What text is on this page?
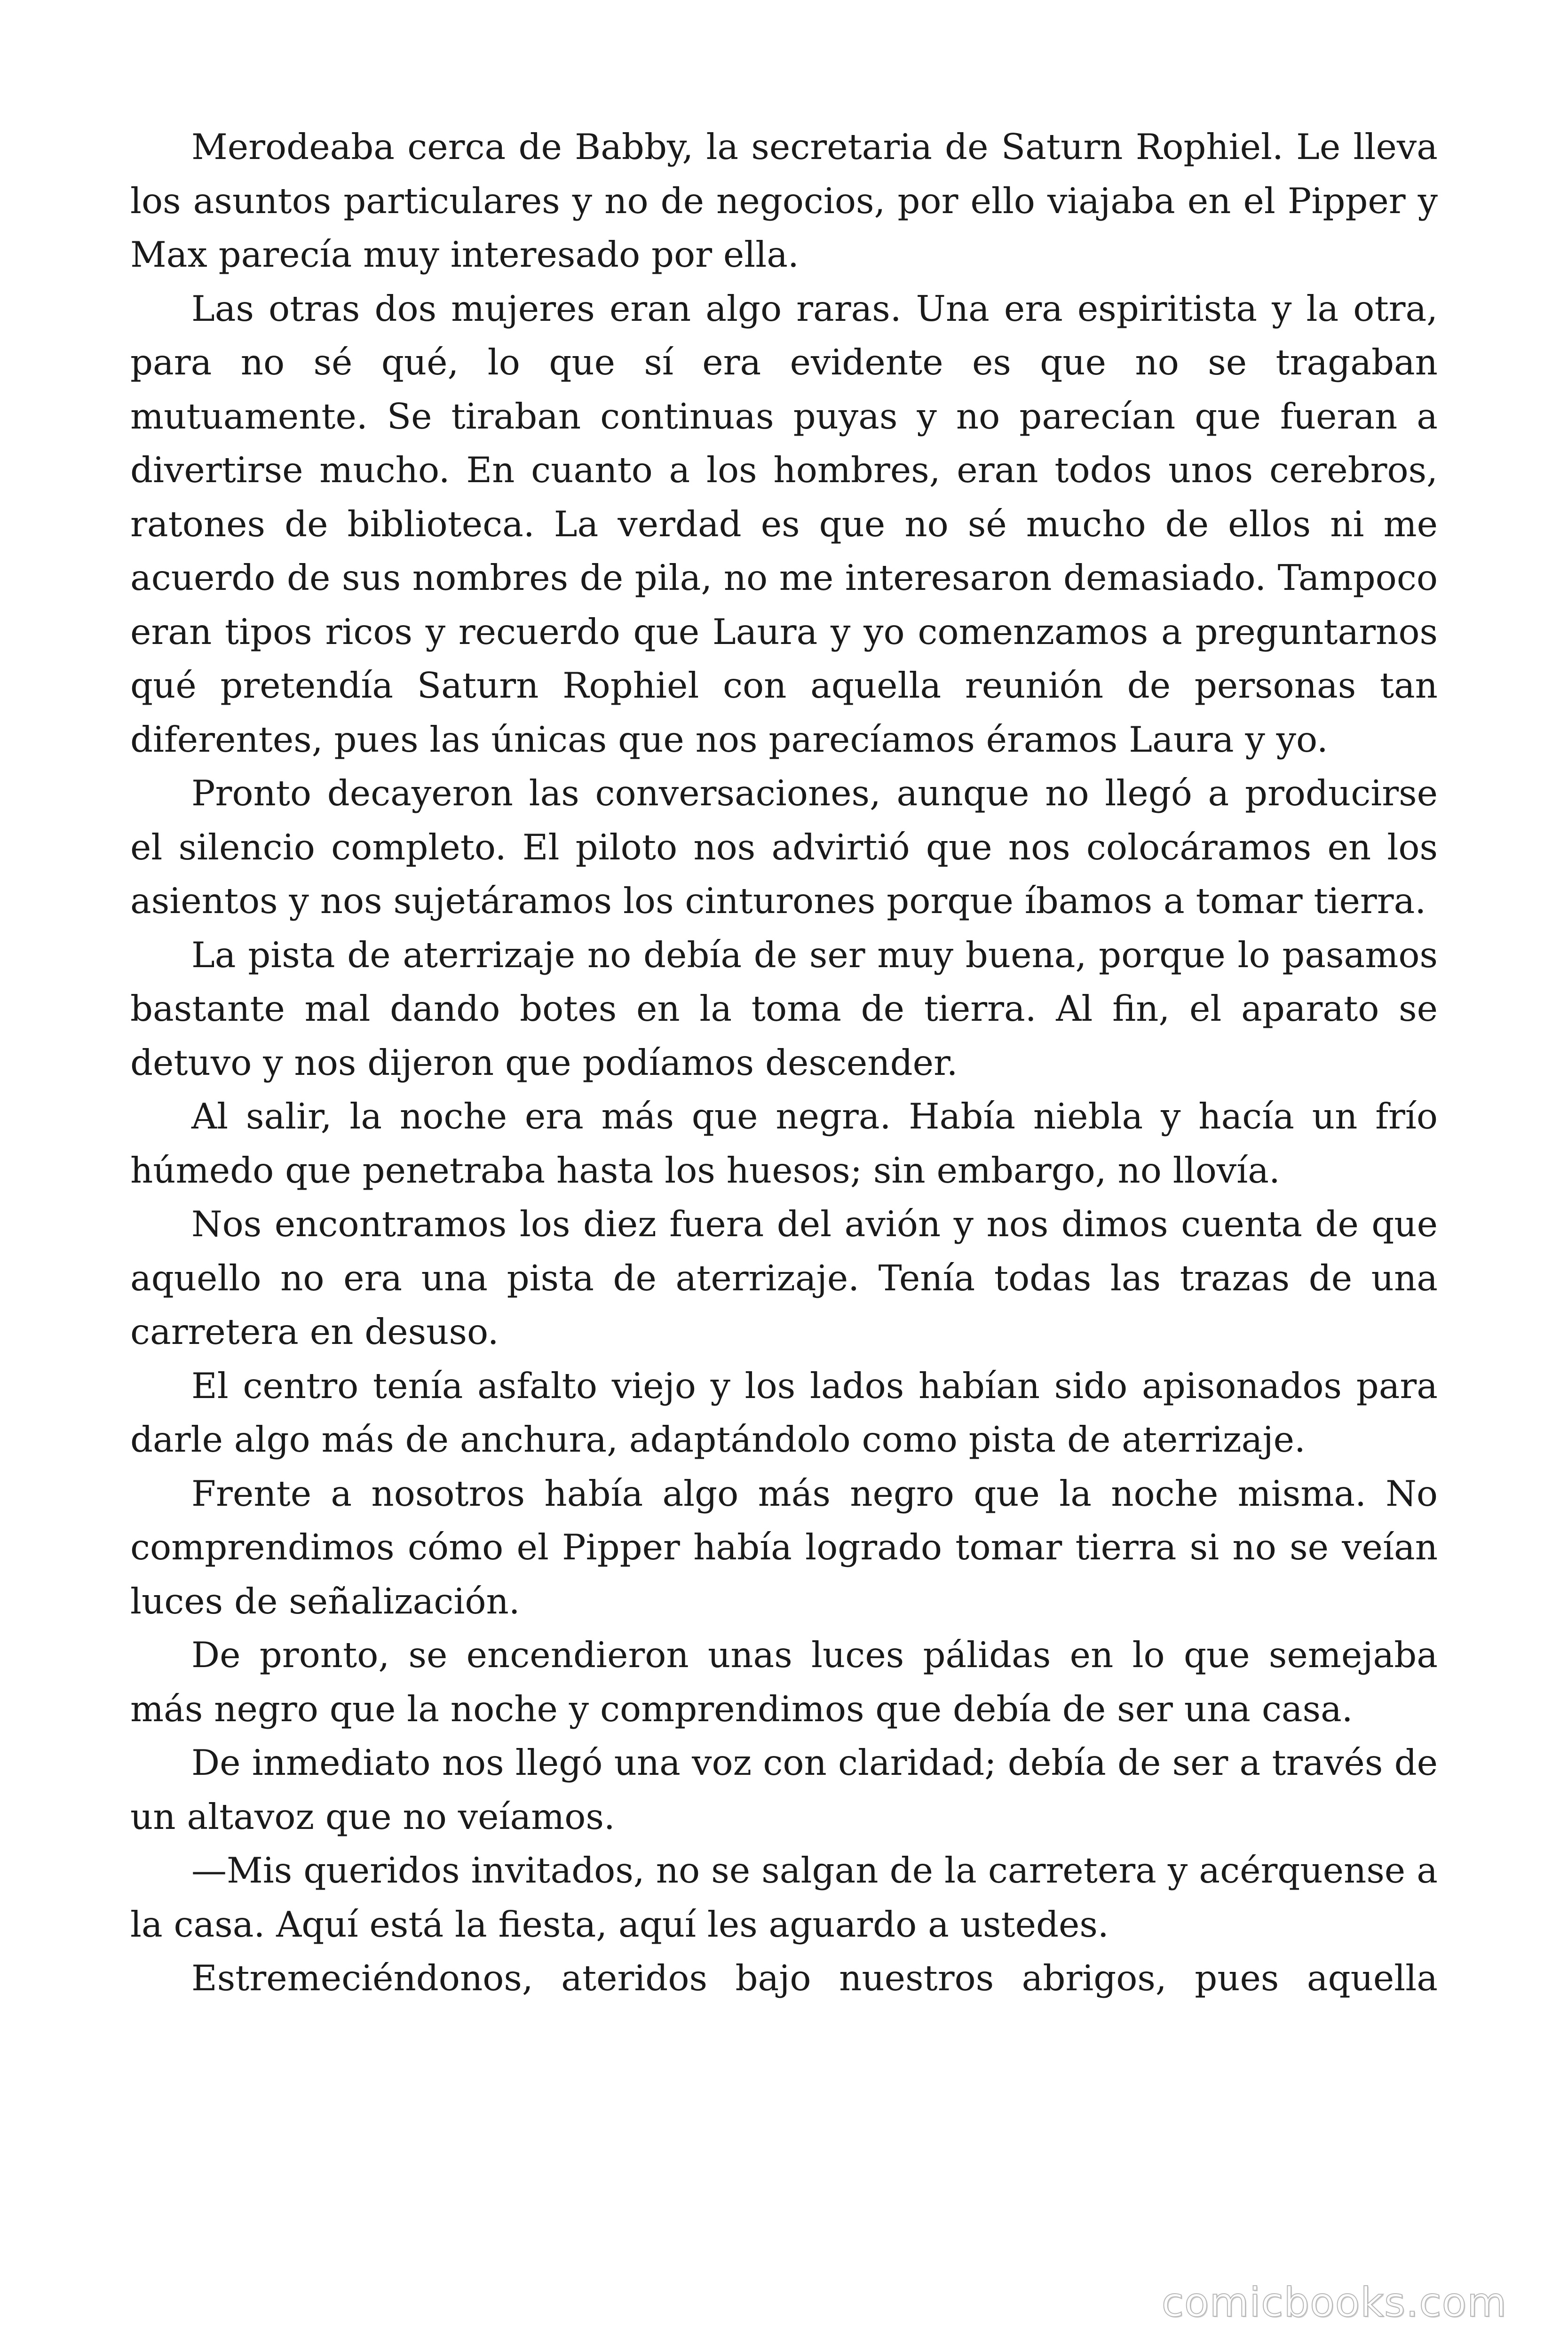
Merodeaba cerca de Babby, la secretaria de Saturn Rophiel. Le lleva los asuntos particulares y no de negocios, por ello viajaba en el Pipper y Max parecía muy interesado por ella.

Las otras dos mujeres eran algo raras. Una era espiritista y la otra, para no sé qué, lo que sí era evidente es que no se tragaban mutuamente. Se tiraban continuas puyas y no parecían que fueran a divertirse mucho. En cuanto a los hombres, eran todos unos cerebros, ratones de biblioteca. La verdad es que no sé mucho de ellos ni me acuerdo de sus nombres de pila, no me interesaron demasiado. Tampoco eran tipos ricos y recuerdo que Laura y yo comenzamos a preguntarnos qué pretendía Saturn Rophiel con aquella reunión de personas tan diferentes, pues las únicas que nos parecíamos éramos Laura y yo.

Pronto decayeron las conversaciones, aunque no llegó a producirse el silencio completo. El piloto nos advirtió que nos colocáramos en los asientos y nos sujetáramos los cinturones porque íbamos a tomar tierra.

La pista de aterrizaje no debía de ser muy buena, porque lo pasamos bastante mal dando botes en la toma de tierra. Al fin, el aparato se detuvo y nos dijeron que podíamos descender.

Al salir, la noche era más que negra. Había niebla y hacía un frío húmedo que penetraba hasta los huesos; sin embargo, no llovía.

Nos encontramos los diez fuera del avión y nos dimos cuenta de que aquello no era una pista de aterrizaje. Tenía todas las trazas de una carretera en desuso.

El centro tenía asfalto viejo y los lados habían sido apisonados para darle algo más de anchura, adaptándolo como pista de aterrizaje.

Frente a nosotros había algo más negro que la noche misma. No comprendimos cómo el Pipper había logrado tomar tierra si no se veían luces de señalización.

De pronto, se encendieron unas luces pálidas en lo que semejaba más negro que la noche y comprendimos que debía de ser una casa.

De inmediato nos llegó una voz con claridad; debía de ser a través de un altavoz que no veíamos.

—Mis queridos invitados, no se salgan de la carretera y acérquense a la casa. Aquí está la fiesta, aquí les aguardo a ustedes.

Estremeciéndonos, ateridos bajo nuestros abrigos, pues aquella

comicbooks.com
